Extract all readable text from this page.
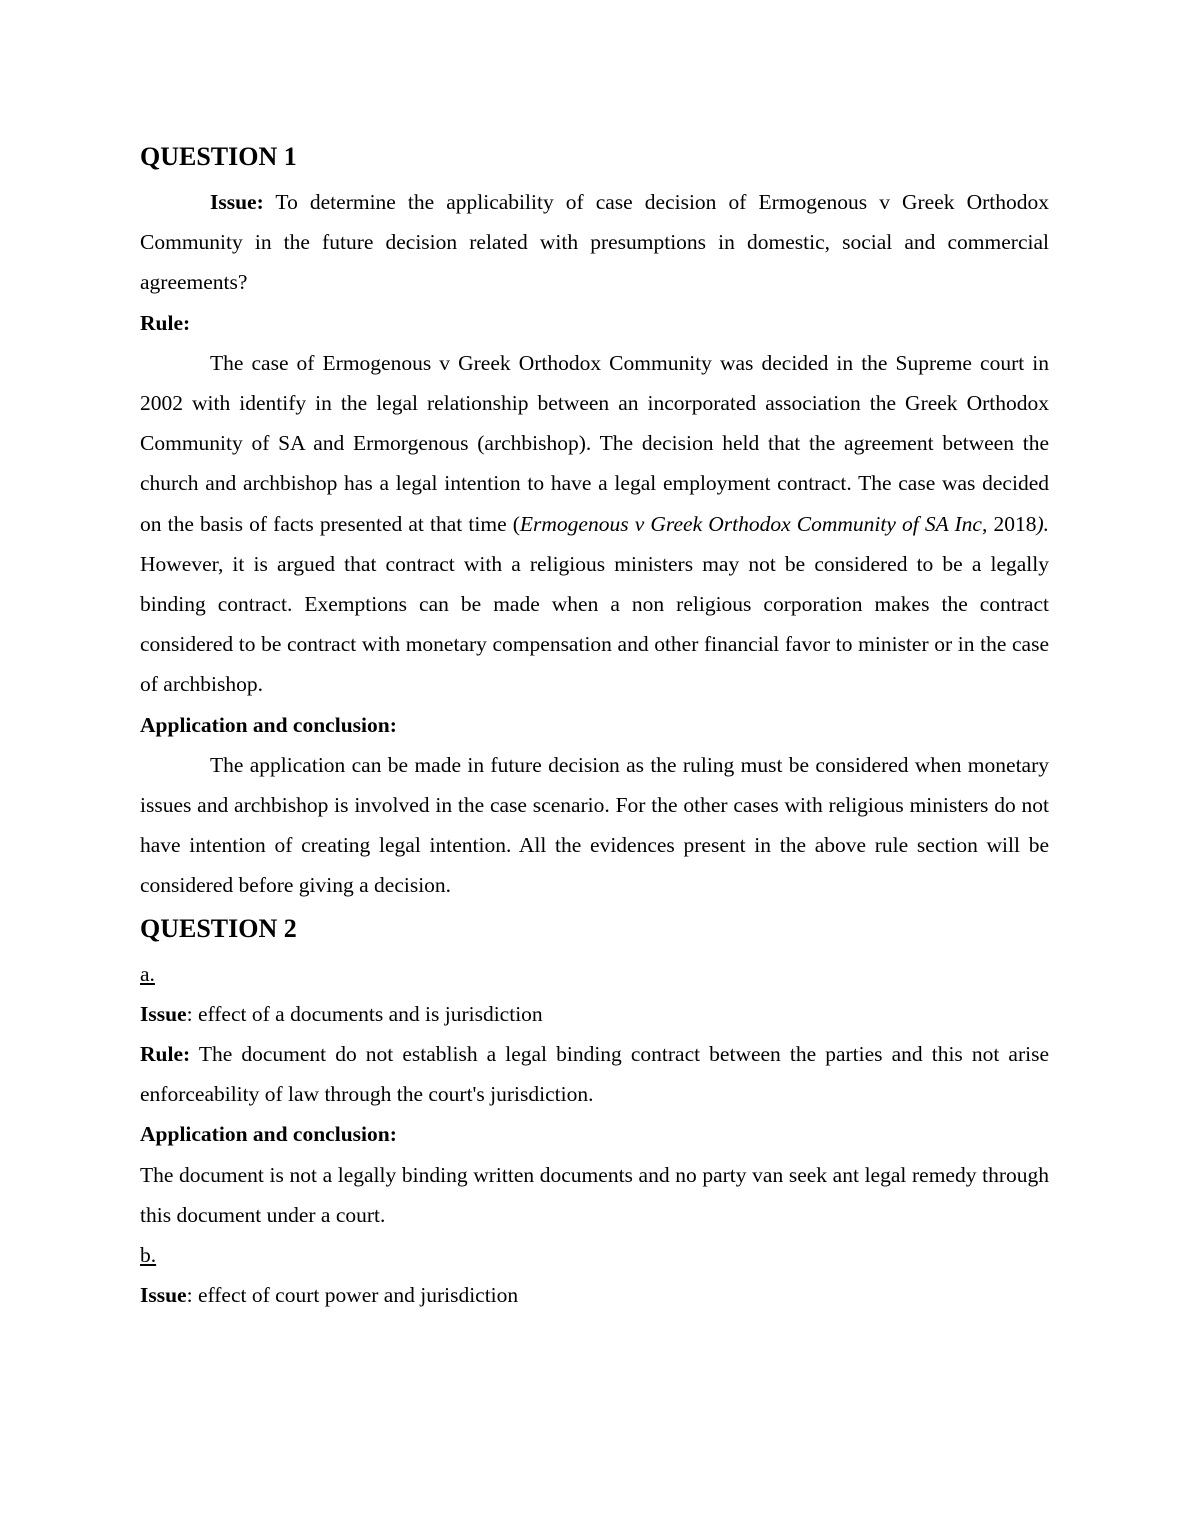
QUESTION 1

Issue: To determine the applicability of case decision of Ermogenous v Greek Orthodox Community in the future decision related with presumptions in domestic, social and commercial agreements?

Rule:

The case of Ermogenous v Greek Orthodox Community was decided in the Supreme court in 2002 with identify in the legal relationship between an incorporated association the Greek Orthodox Community of SA and Ermorgenous (archbishop). The decision held that the agreement between the church and archbishop has a legal intention to have a legal employment contract. The case was decided on the basis of facts presented at that time (Ermogenous v Greek Orthodox Community of SA Inc, 2018). However, it is argued that contract with a religious ministers may not be considered to be a legally binding contract. Exemptions can be made when a non religious corporation makes the contract considered to be contract with monetary compensation and other financial favor to minister or in the case of archbishop.

Application and conclusion:

The application can be made in future decision as the ruling must be considered when monetary issues and archbishop is involved in the case scenario. For the other cases with religious ministers do not have intention of creating legal intention. All the evidences present in the above rule section will be considered before giving a decision.

QUESTION 2

a.

Issue: effect of a documents and is jurisdiction

Rule: The document do not establish a legal binding contract between the parties and this not arise enforceability of law through the court's jurisdiction.

Application and conclusion:

The document is not a legally binding written documents and no party van seek ant legal remedy through this document under a court.

b.

Issue: effect of court power and jurisdiction
